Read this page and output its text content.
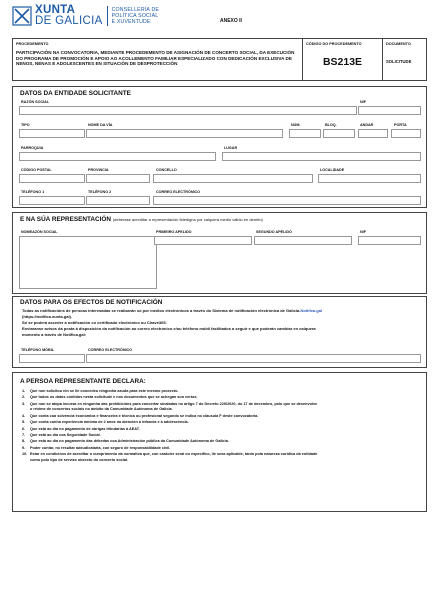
XUNTA
DE GALICIA
CONSELLERÍA DE
POLÍTICA SOCIAL
E XUVENTUDE	ANEXO II
PROCEDEMENTO
PARTICIPACIÓN NA CONVOCATORIA, MEDIANTE PROCEDEMENTO DE ASIGNACIÓN DE CONCERTO SOCIAL, DA EXECUCIÓN DO PROGRAMA DE PROMOCIÓN E APOIO AO ACOLLEMENTO FAMILIAR ESPECIALIZADO CON DEDICACIÓN EXCLUSIVA DE NENOS, NENAS E ADOLESCENTES EN SITUACIÓN DE DESPROTECCIÓN
CÓDIGO DO PROCEDEMENTO
BS213E
DOCUMENTO
SOLICITUDE
DATOS DA ENTIDADE SOLICITANTE
RAZÓN SOCIAL	NIF
TIPO	NOME DA VÍA	NÚM.	BLOQ.	ANDAR	PORTA
PARROQUIA	LUGAR
CÓDIGO POSTAL	PROVINCIA	CONCELLO	LOCALIDADE
TELÉFONO 1	TELÉFONO 2	CORREO ELECTRÓNICO
E NA SÚA REPRESENTACIÓN (deberase acreditar a representación fidedigna por calquera medio válido en dereito)
NOMEAZÓN SOCIAL	PRIMEIRO APELIDO	SEGUNDO APELIDO	NIF
DATOS PARA OS EFECTOS DE NOTIFICACIÓN
Todas as notificacións de persoas interesadas se realizarán só por medios electrónicos a través do Sistema de notificación electrónica de Galicia-Notifica.gal
(https://notifica.xunta.gal).
Só se poderá acceder á notificación co certificado electrónico ou Chave365.
Enviaranse avisos da posta á disposición da notificación ao correo electrónico e/ou teléfono móbil facilitados a seguir e que poderán cambiar en calquera
momento a través de Notifica.gal:
TELÉFONO MÓBIL	CORREO ELECTRÓNICO
A PERSOA REPRESENTANTE DECLARA:
1. Que non solicitou nin se lle concedeu ningunha axuda para este mesmo proxecto.
2. Que todos os datos contidos nesta solicitude e nos documentos que se achegan son certos.
3. Que non se atopa incursa en ningunha das prohibicións para concertar sinaladas no artigo 7 do Decreto 229/2020, do 17 de decembro, polo que se desenvolve
o réxime de concertos sociais no ámbito da Comunidade Autónoma de Galicia.
4. Que conta coa solvencia económica e financeira e técnica ou profesional segundo se indica no cláusula F deste convocatoria.
5. Que conta cunha experiencia mínima de 2 anos na atención á infancia e á adolescencia.
6. Que está ao día no pagamento de obrigas tributarias á AEAT.
7. Que está ao día coa Seguridade Social.
8. Que está ao día no pagamento das débedas coa Administración pública da Comunidade Autónoma de Galicia.
9. Poder contar, no resultar adxudicataria, cun seguro de responsabilidade civil.
10. Estar en condicións de acreditar o cumprimento da normativa que, con carácter xeral ou específico, lle sexa aplicable, tanto pola natureza xurídica da entidade
como polo tipo de servizo obxecto do concerto social.
